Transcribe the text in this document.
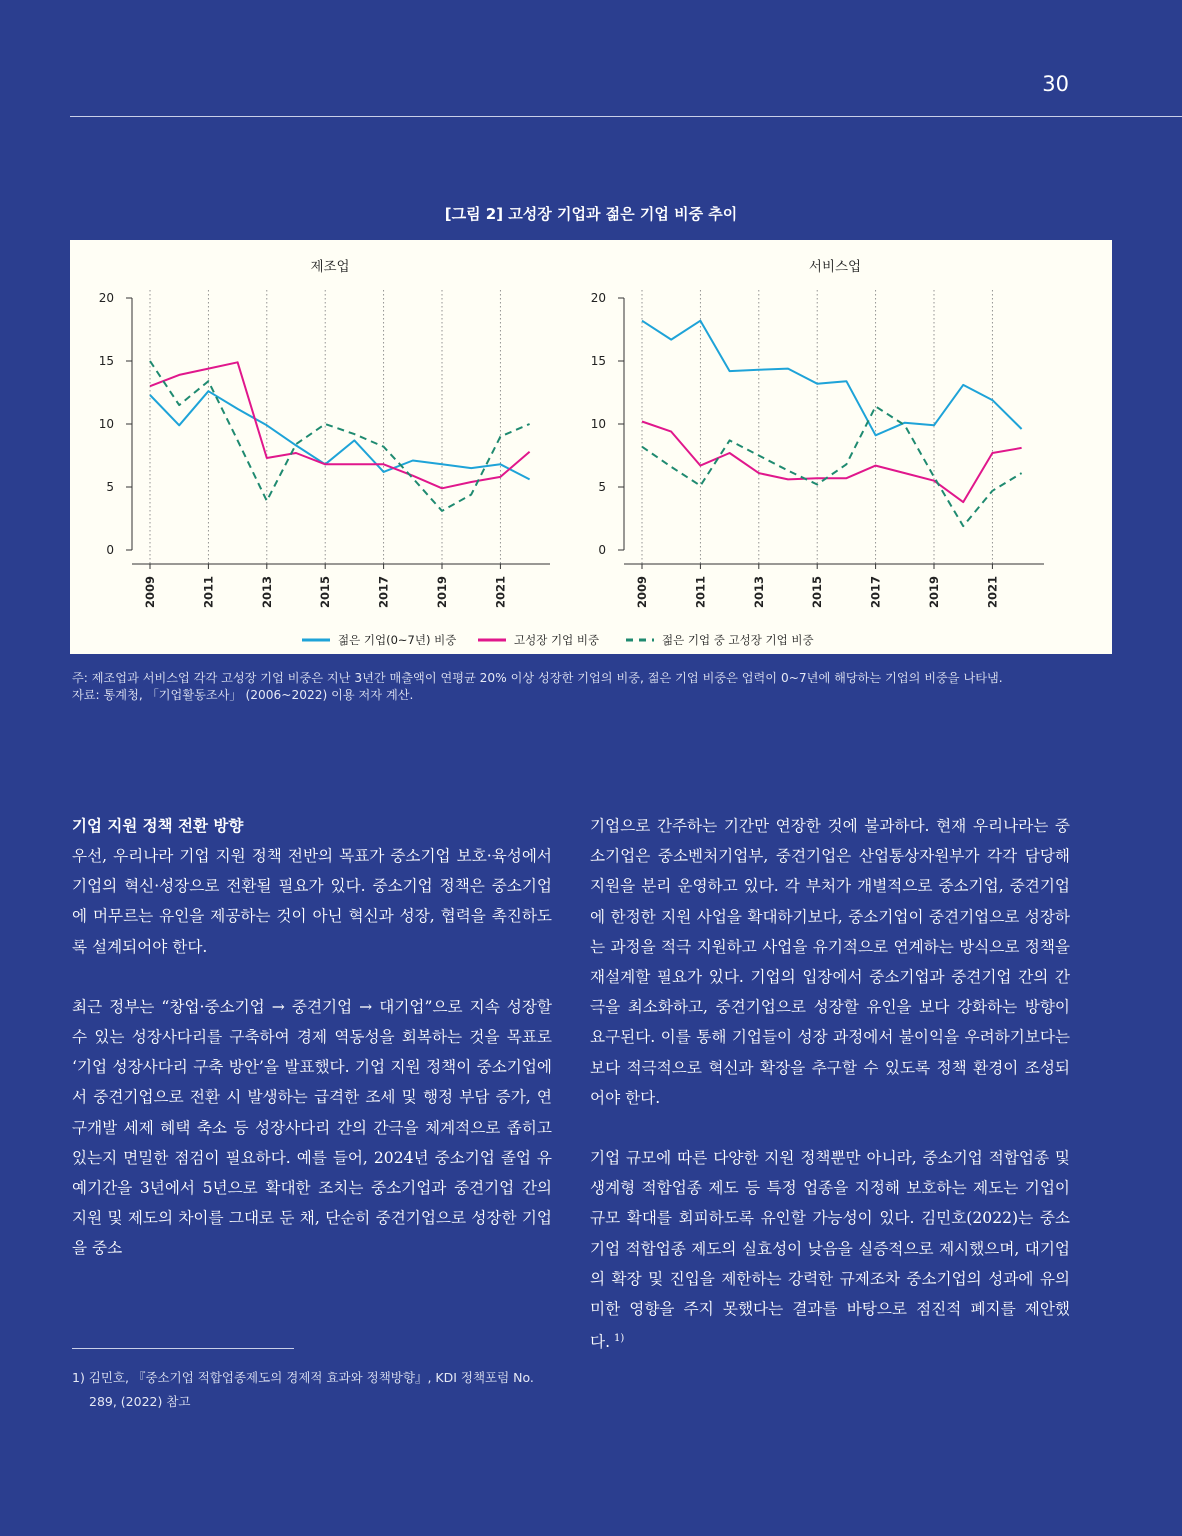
30
[그림 2] 고성장 기업과 젊은 기업 비중 추이
제조업
0
5
10
15
20
2009	2011	2013	2015	2017	2019	2021
서비스업
0
5
10
15
20
2009	2011	2013	2015	2017	2019	2021
젊은 기업(0~7년) 비중	고성장 기업 비중	젊은 기업 중 고성장 기업 비중
주: 제조업과 서비스업 각각 고성장 기업 비중은 지난 3년간 매출액이 연평균 20% 이상 성장한 기업의 비중, 젊은 기업 비중은 업력이 0~7년에 해당하는 기업의 비중을 나타냄.
자료: 통계청, 「기업활동조사」 (2006~2022) 이용 저자 계산.
기업 지원 정책 전환 방향

우선, 우리나라 기업 지원 정책 전반의 목표가 중소기업 보호·육성에서 기업의 혁신·성장으로 전환될 필요가 있다. 중소기업 정책은 중소기업에 머무르는 유인을 제공하는 것이 아닌 혁신과 성장, 협력을 촉진하도록 설계되어야 한다.

최근 정부는 “창업·중소기업 → 중견기업 → 대기업”으로 지속 성장할 수 있는 성장사다리를 구축하여 경제 역동성을 회복하는 것을 목표로 ‘기업 성장사다리 구축 방안’을 발표했다. 기업 지원 정책이 중소기업에서 중견기업으로 전환 시 발생하는 급격한 조세 및 행정 부담 증가, 연구개발 세제 혜택 축소 등 성장사다리 간의 간극을 체계적으로 좁히고 있는지 면밀한 점검이 필요하다. 예를 들어, 2024년 중소기업 졸업 유예기간을 3년에서 5년으로 확대한 조치는 중소기업과 중견기업 간의 지원 및 제도의 차이를 그대로 둔 채, 단순히 중견기업으로 성장한 기업을 중소

기업으로 간주하는 기간만 연장한 것에 불과하다. 현재 우리나라는 중소기업은 중소벤처기업부, 중견기업은 산업통상자원부가 각각 담당해 지원을 분리 운영하고 있다. 각 부처가 개별적으로 중소기업, 중견기업에 한정한 지원 사업을 확대하기보다, 중소기업이 중견기업으로 성장하는 과정을 적극 지원하고 사업을 유기적으로 연계하는 방식으로 정책을 재설계할 필요가 있다. 기업의 입장에서 중소기업과 중견기업 간의 간극을 최소화하고, 중견기업으로 성장할 유인을 보다 강화하는 방향이 요구된다. 이를 통해 기업들이 성장 과정에서 불이익을 우려하기보다는 보다 적극적으로 혁신과 확장을 추구할 수 있도록 정책 환경이 조성되어야 한다.

기업 규모에 따른 다양한 지원 정책뿐만 아니라, 중소기업 적합업종 및 생계형 적합업종 제도 등 특정 업종을 지정해 보호하는 제도는 기업이 규모 확대를 회피하도록 유인할 가능성이 있다. 김민호(2022)는 중소기업 적합업종 제도의 실효성이 낮음을 실증적으로 제시했으며, 대기업의 확장 및 진입을 제한하는 강력한 규제조차 중소기업의 성과에 유의미한 영향을 주지 못했다는 결과를 바탕으로 점진적 폐지를 제안했다. $^{1)}$

1) 김민호, 『중소기업 적합업종제도의 경제적 효과와 정책방향』, KDI 정책포럼 No.
289, (2022) 참고
